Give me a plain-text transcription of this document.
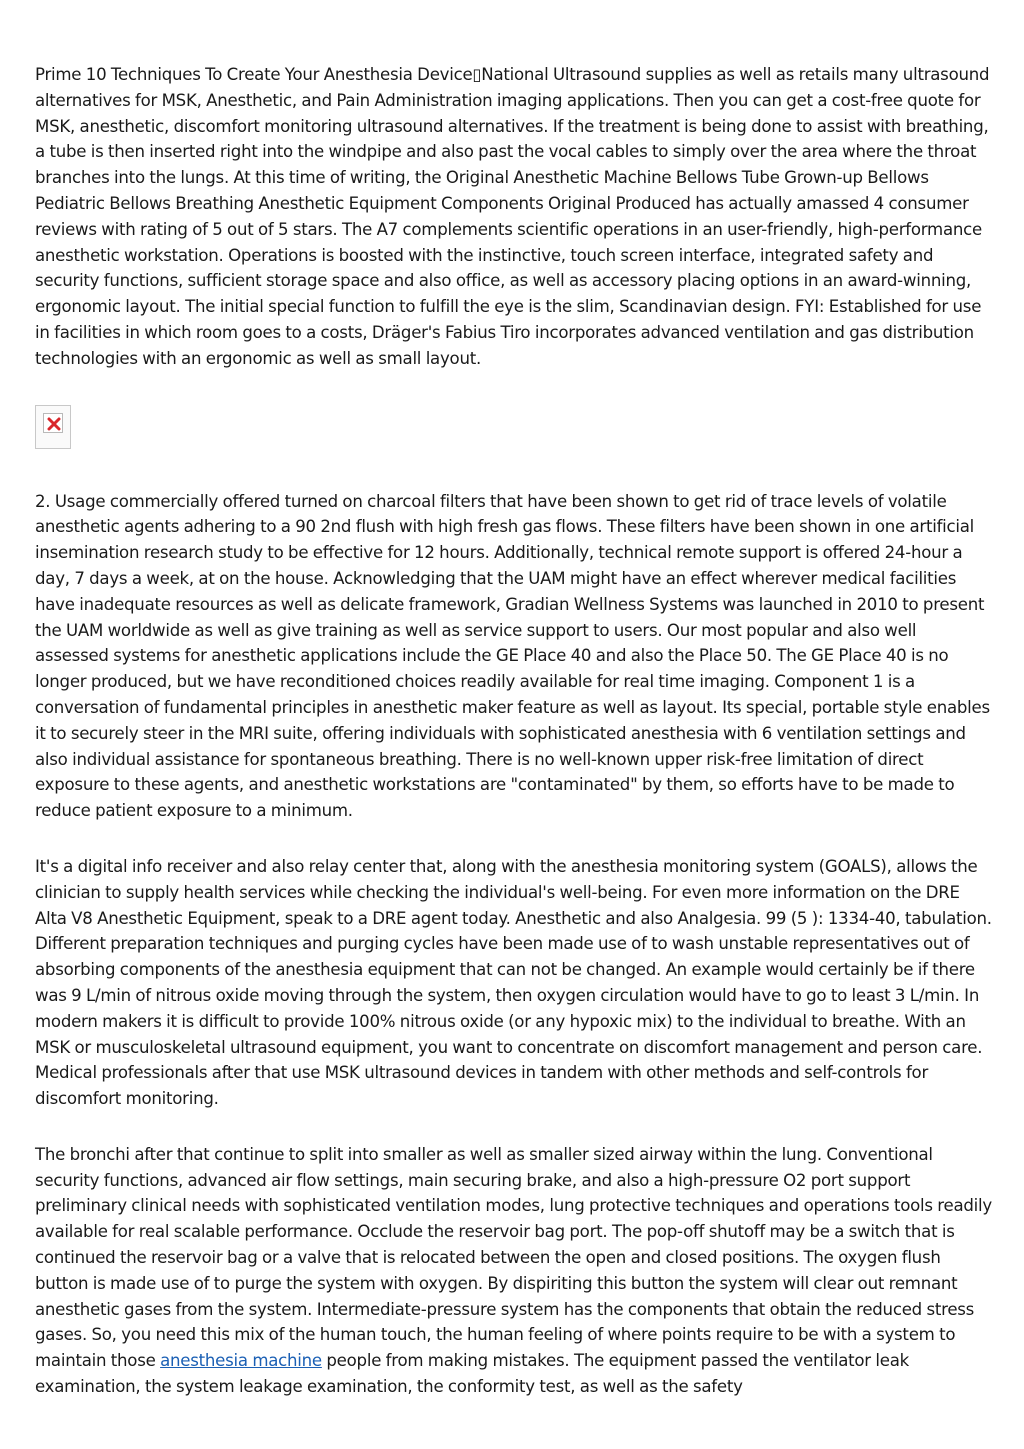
Prime 10 Techniques To Create Your Anesthesia Device▯National Ultrasound supplies as well as retails many ultrasound alternatives for MSK, Anesthetic, and Pain Administration imaging applications. Then you can get a cost-free quote for MSK, anesthetic, discomfort monitoring ultrasound alternatives. If the treatment is being done to assist with breathing, a tube is then inserted right into the windpipe and also past the vocal cables to simply over the area where the throat branches into the lungs. At this time of writing, the Original Anesthetic Machine Bellows Tube Grown-up Bellows Pediatric Bellows Breathing Anesthetic Equipment Components Original Produced has actually amassed 4 consumer reviews with rating of 5 out of 5 stars. The A7 complements scientific operations in an user-friendly, high-performance anesthetic workstation. Operations is boosted with the instinctive, touch screen interface, integrated safety and security functions, sufficient storage space and also office, as well as accessory placing options in an award-winning, ergonomic layout. The initial special function to fulfill the eye is the slim, Scandinavian design. FYI: Established for use in facilities in which room goes to a costs, Dräger's Fabius Tiro incorporates advanced ventilation and gas distribution technologies with an ergonomic as well as small layout.

2. Usage commercially offered turned on charcoal filters that have been shown to get rid of trace levels of volatile anesthetic agents adhering to a 90 2nd flush with high fresh gas flows. These filters have been shown in one artificial insemination research study to be effective for 12 hours. Additionally, technical remote support is offered 24-hour a day, 7 days a week, at on the house. Acknowledging that the UAM might have an effect wherever medical facilities have inadequate resources as well as delicate framework, Gradian Wellness Systems was launched in 2010 to present the UAM worldwide as well as give training as well as service support to users. Our most popular and also well assessed systems for anesthetic applications include the GE Place 40 and also the Place 50. The GE Place 40 is no longer produced, but we have reconditioned choices readily available for real time imaging. Component 1 is a conversation of fundamental principles in anesthetic maker feature as well as layout. Its special, portable style enables it to securely steer in the MRI suite, offering individuals with sophisticated anesthesia with 6 ventilation settings and also individual assistance for spontaneous breathing. There is no well-known upper risk-free limitation of direct exposure to these agents, and anesthetic workstations are "contaminated" by them, so efforts have to be made to reduce patient exposure to a minimum.

It's a digital info receiver and also relay center that, along with the anesthesia monitoring system (GOALS), allows the clinician to supply health services while checking the individual's well-being. For even more information on the DRE Alta V8 Anesthetic Equipment, speak to a DRE agent today. Anesthetic and also Analgesia. 99 (5 ): 1334-40, tabulation. Different preparation techniques and purging cycles have been made use of to wash unstable representatives out of absorbing components of the anesthesia equipment that can not be changed. An example would certainly be if there was 9 L/min of nitrous oxide moving through the system, then oxygen circulation would have to go to least 3 L/min. In modern makers it is difficult to provide 100% nitrous oxide (or any hypoxic mix) to the individual to breathe. With an MSK or musculoskeletal ultrasound equipment, you want to concentrate on discomfort management and person care. Medical professionals after that use MSK ultrasound devices in tandem with other methods and self-controls for discomfort monitoring.

The bronchi after that continue to split into smaller as well as smaller sized airway within the lung. Conventional security functions, advanced air flow settings, main securing brake, and also a high-pressure O2 port support preliminary clinical needs with sophisticated ventilation modes, lung protective techniques and operations tools readily available for real scalable performance. Occlude the reservoir bag port. The pop-off shutoff may be a switch that is continued the reservoir bag or a valve that is relocated between the open and closed positions. The oxygen flush button is made use of to purge the system with oxygen. By dispiriting this button the system will clear out remnant anesthetic gases from the system. Intermediate-pressure system has the components that obtain the reduced stress gases. So, you need this mix of the human touch, the human feeling of where points require to be with a system to maintain those anesthesia machine people from making mistakes. The equipment passed the ventilator leak examination, the system leakage examination, the conformity test, as well as the safety
